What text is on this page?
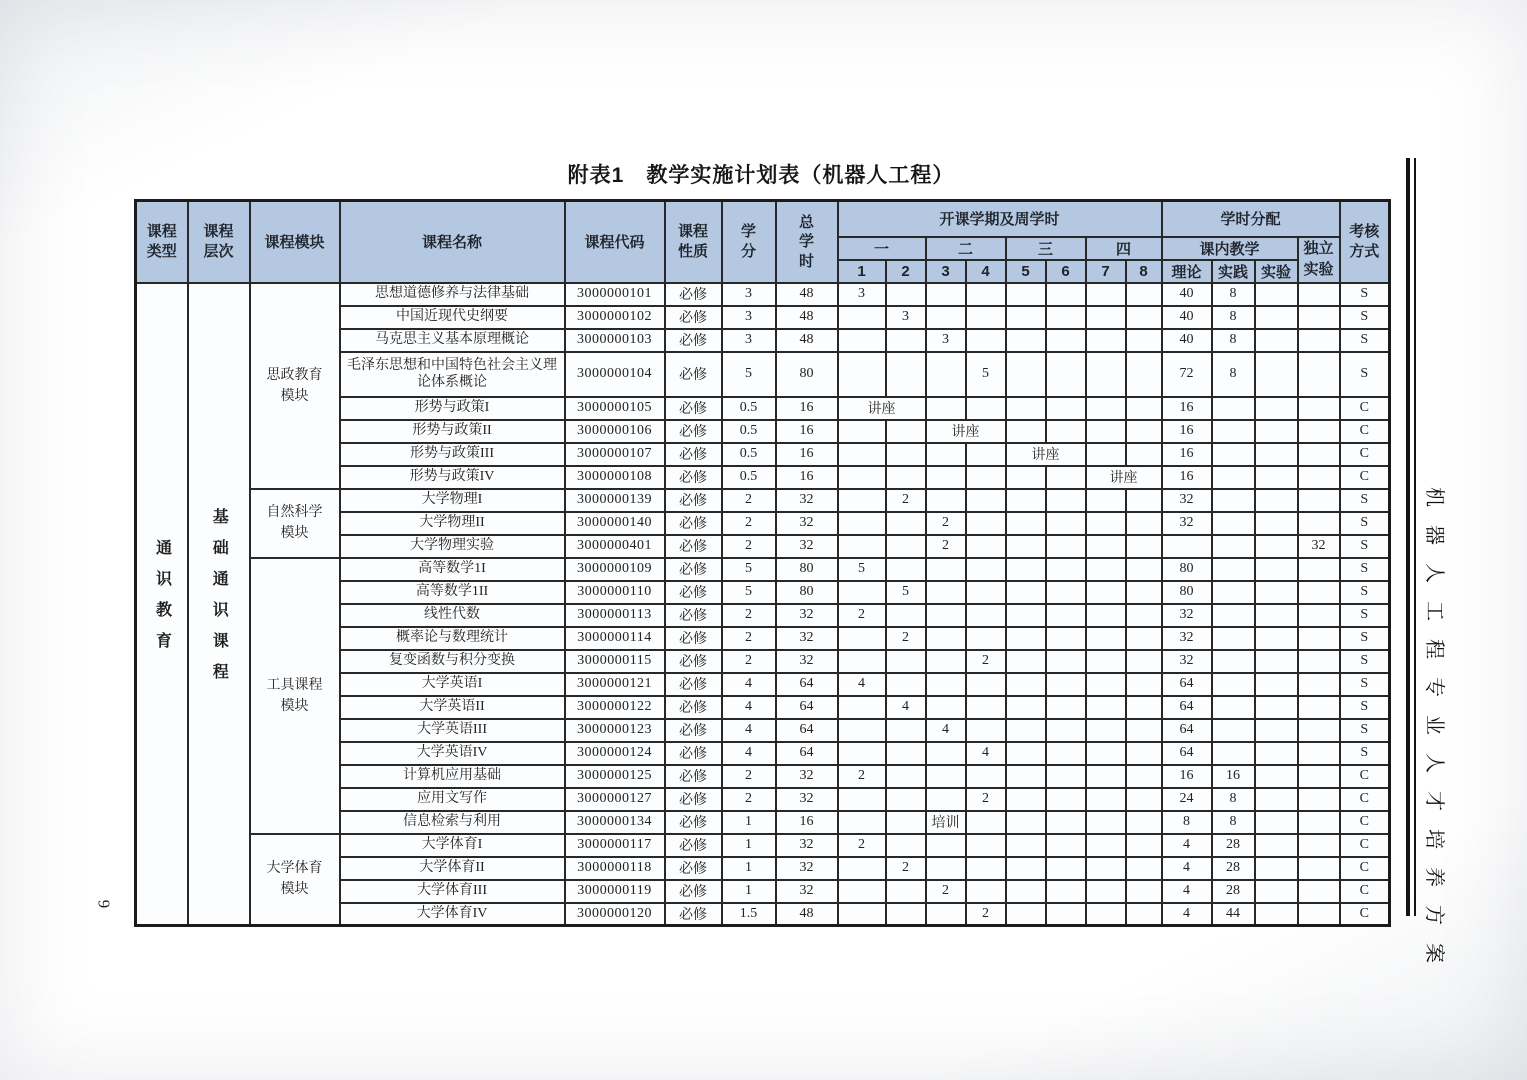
6
附表1　教学实施计划表（机器人工程）
课程类型	课程层次	课程模块	课程名称	课程代码	课程性质	学分	总学时	开课学期及周学时								学时分配				考核方式
								一		二		三		四		课内教学			独立实验	
								1	2	3	4	5	6	7	8	理论	实践	实验		
通识教育	基础通识课程	思政教育模块	思想道德修养与法律基础	3000000101	必修	3	48	3								40	8			S
			中国近现代史纲要	3000000102	必修	3	48		3							40	8			S
			马克思主义基本原理概论	3000000103	必修	3	48			3						40	8			S
			毛泽东思想和中国特色社会主义理论体系概论	3000000104	必修	5	80				5					72	8			S
			形势与政策I	3000000105	必修	0.5	16	讲座								16				C
			形势与政策II	3000000106	必修	0.5	16			讲座						16				C
			形势与政策III	3000000107	必修	0.5	16					讲座				16				C
			形势与政策IV	3000000108	必修	0.5	16							讲座		16				C
		自然科学模块	大学物理I	3000000139	必修	2	32		2							32				S
			大学物理II	3000000140	必修	2	32			2						32				S
			大学物理实验	3000000401	必修	2	32			2									32	S
		工具课程模块	高等数学1I	3000000109	必修	5	80	5								80				S
			高等数学1II	3000000110	必修	5	80		5							80				S
			线性代数	3000000113	必修	2	32	2								32				S
			概率论与数理统计	3000000114	必修	2	32		2							32				S
			复变函数与积分变换	3000000115	必修	2	32				2					32				S
			大学英语I	3000000121	必修	4	64	4								64				S
			大学英语II	3000000122	必修	4	64		4							64				S
			大学英语III	3000000123	必修	4	64			4						64				S
			大学英语IV	3000000124	必修	4	64				4					64				S
			计算机应用基础	3000000125	必修	2	32	2								16	16			C
			应用文写作	3000000127	必修	2	32				2					24	8			C
			信息检索与利用	3000000134	必修	1	16			培训						8	8			C
		大学体育模块	大学体育I	3000000117	必修	1	32	2								4	28			C
			大学体育II	3000000118	必修	1	32		2							4	28			C
			大学体育III	3000000119	必修	1	32			2						4	28			C
			大学体育IV	3000000120	必修	1.5	48				2					4	44			C	机器人工程专业人才培养方案
